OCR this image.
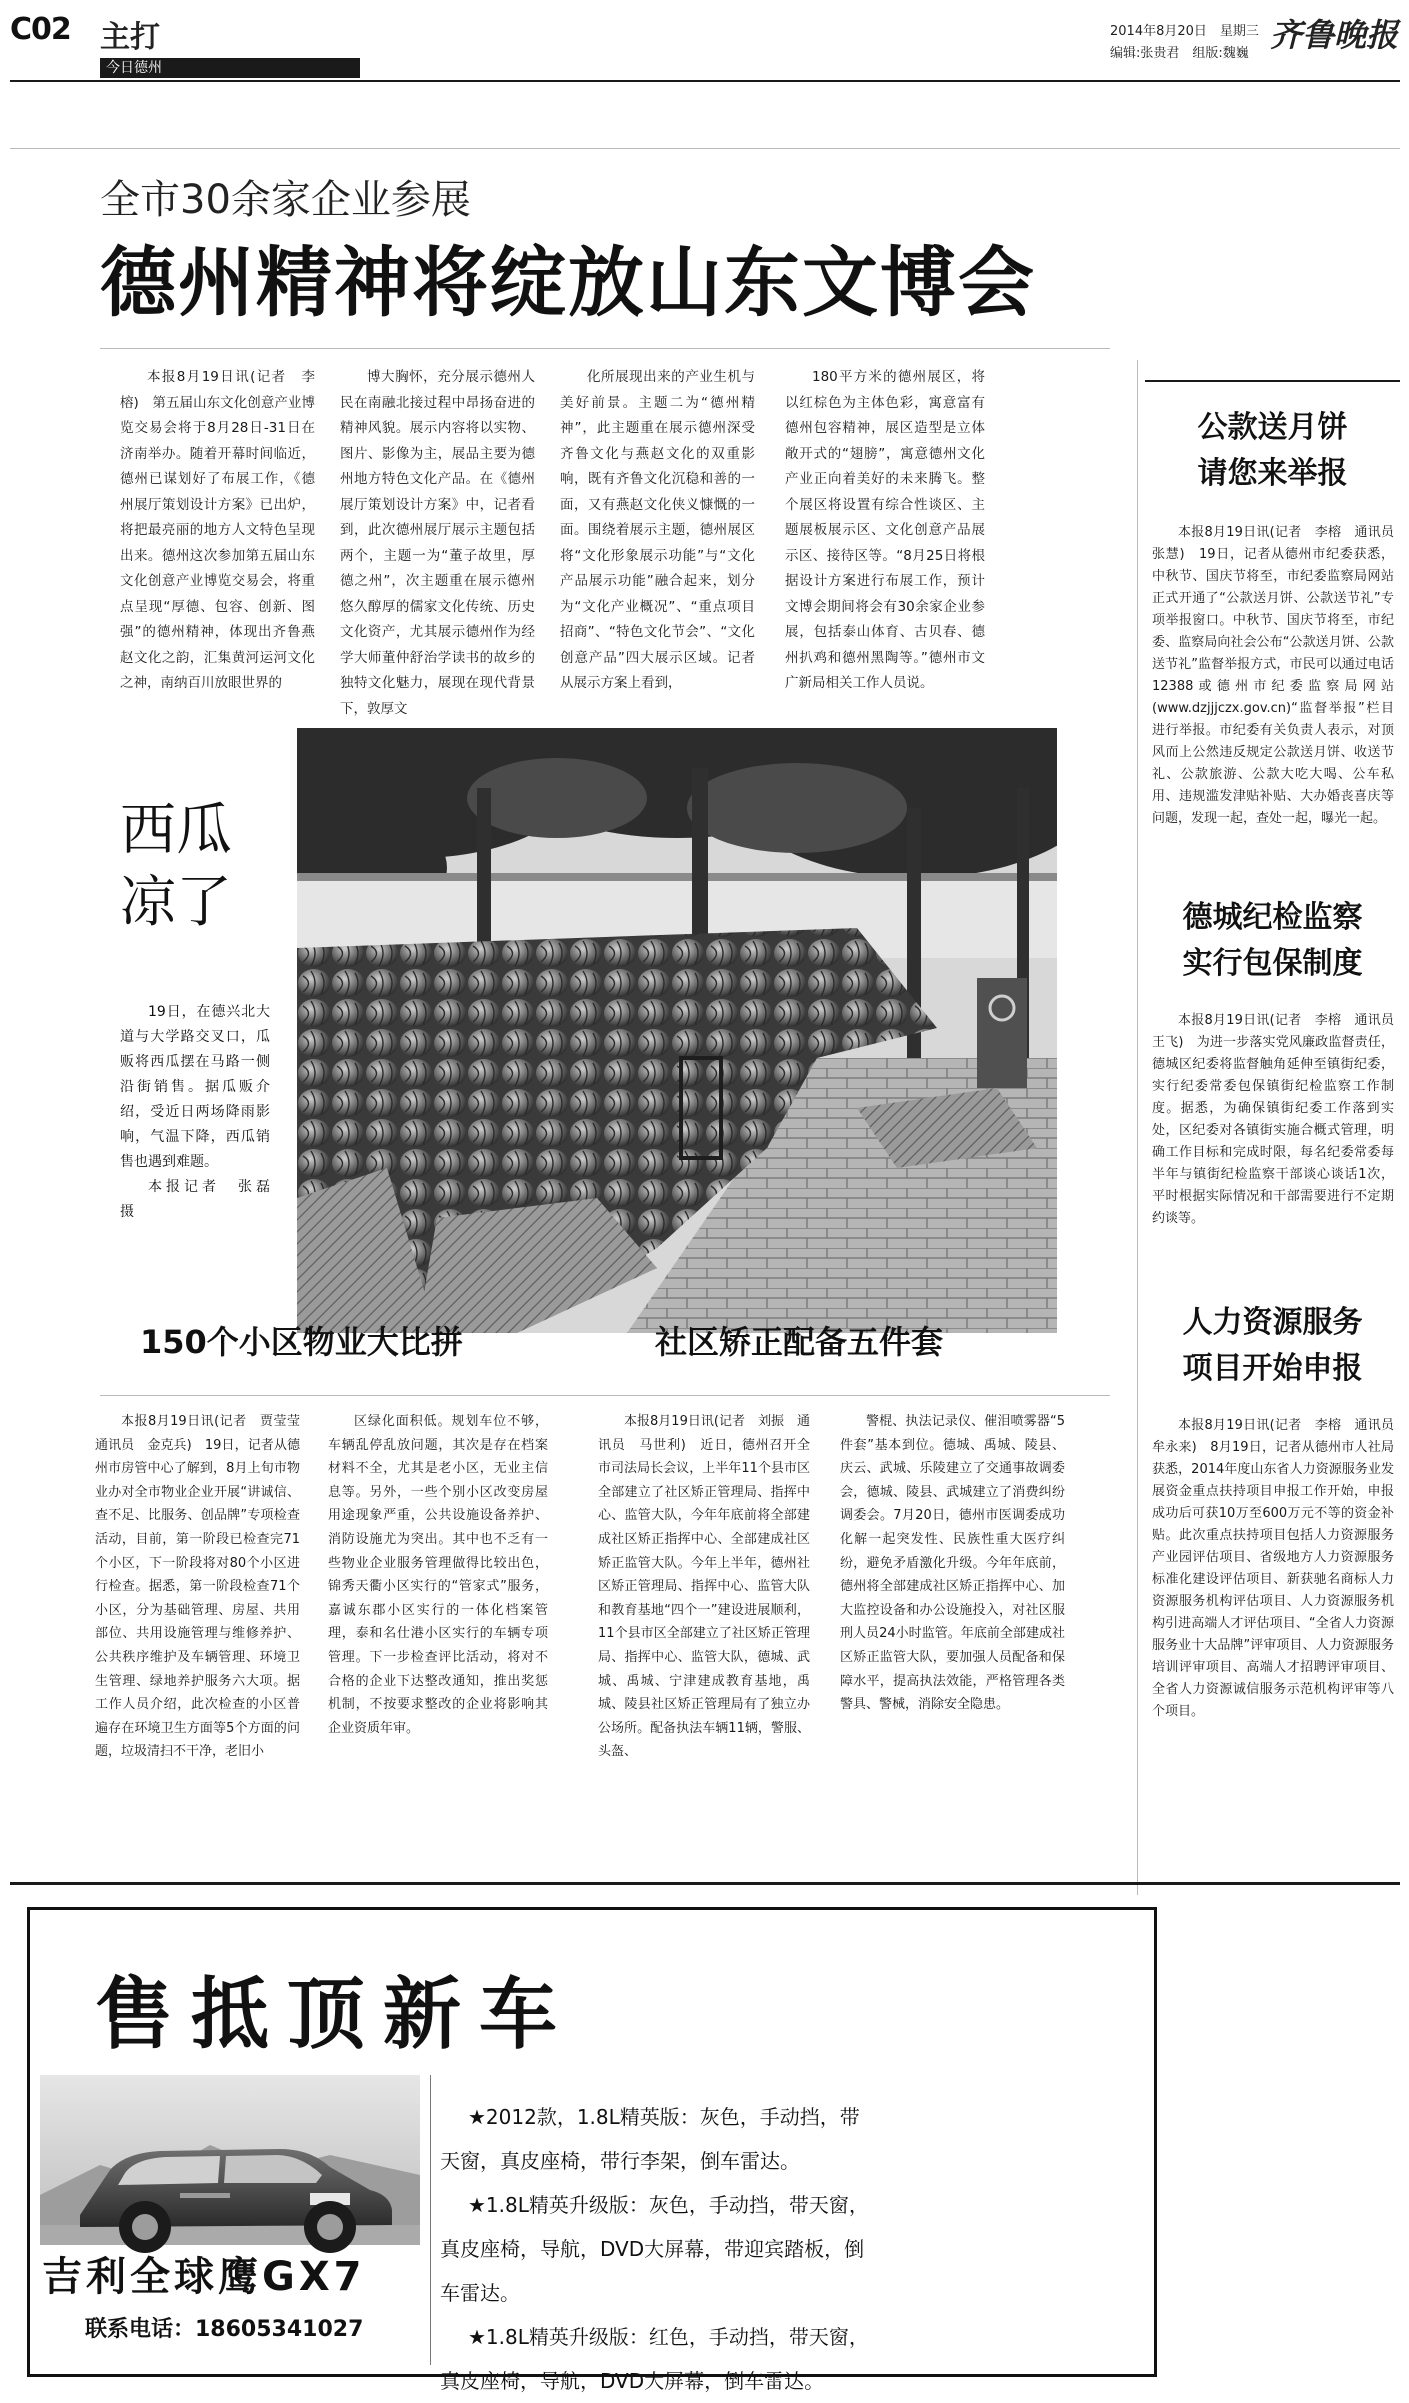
C02 主打
今日德州
2014年8月20日　星期三
编辑:张贵君　组版:魏巍 齐鲁晚报
全市30余家企业参展
德州精神将绽放山东文博会

本报8月19日讯(记者　李榕)　第五届山东文化创意产业博览交易会将于8月28日-31日在济南举办。随着开幕时间临近，德州已谋划好了布展工作，《德州展厅策划设计方案》已出炉，将把最亮丽的地方人文特色呈现出来。德州这次参加第五届山东文化创意产业博览交易会，将重点呈现“厚德、包容、创新、图强”的德州精神，体现出齐鲁燕赵文化之韵，汇集黄河运河文化之神，南纳百川放眼世界的

博大胸怀，充分展示德州人民在南融北接过程中昂扬奋进的精神风貌。展示内容将以实物、图片、影像为主，展品主要为德州地方特色文化产品。在《德州展厅策划设计方案》中，记者看到，此次德州展厅展示主题包括两个，主题一为“董子故里，厚德之州”，次主题重在展示德州悠久醇厚的儒家文化传统、历史文化资产，尤其展示德州作为经学大师董仲舒治学读书的故乡的独特文化魅力，展现在现代背景下，敦厚文

化所展现出来的产业生机与美好前景。主题二为“德州精神”，此主题重在展示德州深受齐鲁文化与燕赵文化的双重影响，既有齐鲁文化沉稳和善的一面，又有燕赵文化侠义慷慨的一面。围绕着展示主题，德州展区将“文化形象展示功能”与“文化产品展示功能”融合起来，划分为“文化产业概况”、“重点项目招商”、“特色文化节会”、“文化创意产品”四大展示区域。记者从展示方案上看到，

180平方米的德州展区，将以红棕色为主体色彩，寓意富有德州包容精神，展区造型是立体敞开式的“翅膀”，寓意德州文化产业正向着美好的未来腾飞。整个展区将设置有综合性谈区、主题展板展示区、文化创意产品展示区、接待区等。“8月25日将根据设计方案进行布展工作，预计文博会期间将会有30余家企业参展，包括泰山体育、古贝春、德州扒鸡和德州黑陶等。”德州市文广新局相关工作人员说。

西瓜
凉了

19日，在德兴北大道与大学路交叉口，瓜贩将西瓜摆在马路一侧沿街销售。据瓜贩介绍，受近日两场降雨影响，气温下降，西瓜销售也遇到难题。

本报记者　张磊　摄

公款送月饼
请您来举报

本报8月19日讯(记者　李榕　通讯员　张慧)　19日，记者从德州市纪委获悉，中秋节、国庆节将至，市纪委监察局网站正式开通了“公款送月饼、公款送节礼”专项举报窗口。中秋节、国庆节将至，市纪委、监察局向社会公布“公款送月饼、公款送节礼”监督举报方式，市民可以通过电话12388或德州市纪委监察局网站(www.dzjjjczx.gov.cn)“监督举报”栏目进行举报。市纪委有关负责人表示，对顶风而上公然违反规定公款送月饼、收送节礼、公款旅游、公款大吃大喝、公车私用、违规滥发津贴补贴、大办婚丧喜庆等问题，发现一起，查处一起，曝光一起。

德城纪检监察
实行包保制度

本报8月19日讯(记者　李榕　通讯员　王飞)　为进一步落实党风廉政监督责任，德城区纪委将监督触角延伸至镇街纪委，实行纪委常委包保镇街纪检监察工作制度。据悉，为确保镇街纪委工作落到实处，区纪委对各镇街实施合概式管理，明确工作目标和完成时限，每名纪委常委每半年与镇街纪检监察干部谈心谈话1次，平时根据实际情况和干部需要进行不定期约谈等。

人力资源服务
项目开始申报

本报8月19日讯(记者　李榕　通讯员　牟永来)　8月19日，记者从德州市人社局获悉，2014年度山东省人力资源服务业发展资金重点扶持项目申报工作开始，申报成功后可获10万至600万元不等的资金补贴。此次重点扶持项目包括人力资源服务产业园评估项目、省级地方人力资源服务标准化建设评估项目、新获驰名商标人力资源服务机构评估项目、人力资源服务机构引进高端人才评估项目、“全省人力资源服务业十大品牌”评审项目、人力资源服务培训评审项目、高端人才招聘评审项目、全省人力资源诚信服务示范机构评审等八个项目。

150个小区物业大比拼	社区矫正配备五件套

本报8月19日讯(记者　贾莹莹　通讯员　金克兵)　19日，记者从德州市房管中心了解到，8月上旬市物业办对全市物业企业开展“讲诚信、查不足、比服务、创品牌”专项检查活动，目前，第一阶段已检查完71个小区，下一阶段将对80个小区进行检查。据悉，第一阶段检查71个小区，分为基础管理、房屋、共用部位、共用设施管理与维修养护、公共秩序维护及车辆管理、环境卫生管理、绿地养护服务六大项。据工作人员介绍，此次检查的小区普遍存在环境卫生方面等5个方面的问题，垃圾清扫不干净，老旧小

区绿化面积低。规划车位不够，车辆乱停乱放问题，其次是存在档案材料不全，尤其是老小区，无业主信息等。另外，一些个别小区改变房屋用途现象严重，公共设施设备养护、消防设施尤为突出。其中也不乏有一些物业企业服务管理做得比较出色，锦秀天衢小区实行的“管家式”服务，嘉诚东郡小区实行的一体化档案管理，泰和名仕港小区实行的车辆专项管理。下一步检查评比活动，将对不合格的企业下达整改通知，推出奖惩机制，不按要求整改的企业将影响其企业资质年审。

本报8月19日讯(记者　刘振　通讯员　马世利)　近日，德州召开全市司法局长会议，上半年11个县市区全部建立了社区矫正管理局、指挥中心、监管大队，今年年底前将全部建成社区矫正指挥中心、全部建成社区矫正监管大队。今年上半年，德州社区矫正管理局、指挥中心、监管大队和教育基地“四个一”建设进展顺利，11个县市区全部建立了社区矫正管理局、指挥中心、监管大队，德城、武城、禹城、宁津建成教育基地，禹城、陵县社区矫正管理局有了独立办公场所。配备执法车辆11辆，警服、头盔、

警棍、执法记录仪、催泪喷雾器“5件套”基本到位。德城、禹城、陵县、庆云、武城、乐陵建立了交通事故调委会，德城、陵县、武城建立了消费纠纷调委会。7月20日，德州市医调委成功化解一起突发性、民族性重大医疗纠纷，避免矛盾激化升级。今年年底前，德州将全部建成社区矫正指挥中心、加大监控设备和办公设施投入，对社区服刑人员24小时监管。年底前全部建成社区矫正监管大队，要加强人员配备和保障水平，提高执法效能，严格管理各类警具、警械，消除安全隐患。

售抵顶新车
吉利全球鹰GX7
联系电话：18605341027

★2012款，1.8L精英版：灰色，手动挡，带天窗，真皮座椅，带行李架，倒车雷达。

★1.8L精英升级版：灰色，手动挡，带天窗，真皮座椅，导航，DVD大屏幕，带迎宾踏板，倒车雷达。

★1.8L精英升级版：红色，手动挡，带天窗，真皮座椅，导航，DVD大屏幕，倒车雷达。
